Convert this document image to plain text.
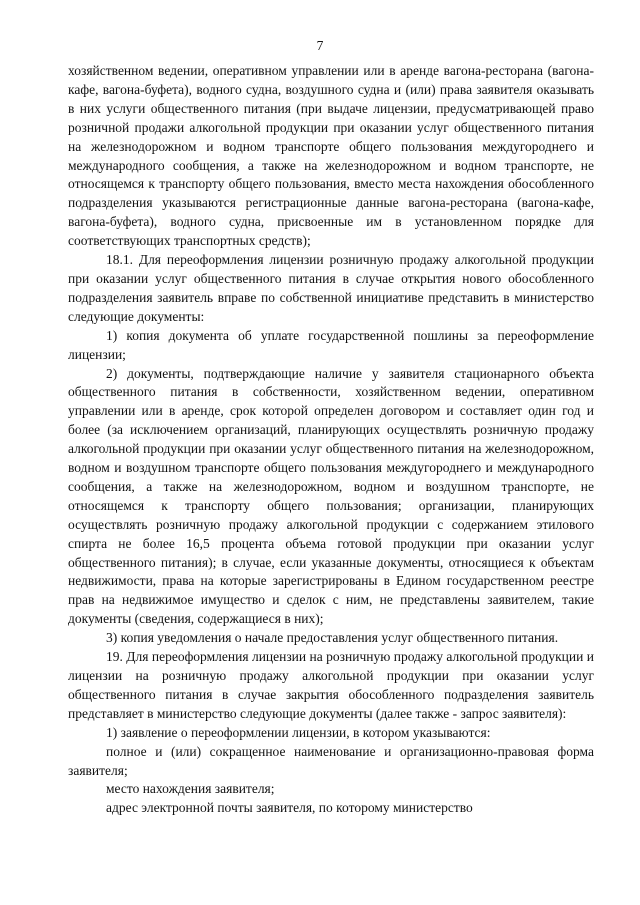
7

хозяйственном ведении, оперативном управлении или в аренде вагона-ресторана (вагона-кафе, вагона-буфета), водного судна, воздушного судна и (или) права заявителя оказывать в них услуги общественного питания (при выдаче лицензии, предусматривающей право розничной продажи алкогольной продукции при оказании услуг общественного питания на железнодорожном и водном транспорте общего пользования междугороднего и международного сообщения, а также на железнодорожном и водном транспорте, не относящемся к транспорту общего пользования, вместо места нахождения обособленного подразделения указываются регистрационные данные вагона-ресторана (вагона-кафе, вагона-буфета), водного судна, присвоенные им в установленном порядке для соответствующих транспортных средств);

18.1. Для переоформления лицензии розничную продажу алкогольной продукции при оказании услуг общественного питания в случае открытия нового обособленного подразделения заявитель вправе по собственной инициативе представить в министерство следующие документы:

1) копия документа об уплате государственной пошлины за переоформление лицензии;

2) документы, подтверждающие наличие у заявителя стационарного объекта общественного питания в собственности, хозяйственном ведении, оперативном управлении или в аренде, срок которой определен договором и составляет один год и более (за исключением организаций, планирующих осуществлять розничную продажу алкогольной продукции при оказании услуг общественного питания на железнодорожном, водном и воздушном транспорте общего пользования междугороднего и международного сообщения, а также на железнодорожном, водном и воздушном транспорте, не относящемся к транспорту общего пользования; организации, планирующих осуществлять розничную продажу алкогольной продукции с содержанием этилового спирта не более 16,5 процента объема готовой продукции при оказании услуг общественного питания); в случае, если указанные документы, относящиеся к объектам недвижимости, права на которые зарегистрированы в Едином государственном реестре прав на недвижимое имущество и сделок с ним, не представлены заявителем, такие документы (сведения, содержащиеся в них);

3) копия уведомления о начале предоставления услуг общественного питания.

19. Для переоформления лицензии на розничную продажу алкогольной продукции и лицензии на розничную продажу алкогольной продукции при оказании услуг общественного питания в случае закрытия обособленного подразделения заявитель представляет в министерство следующие документы (далее также - запрос заявителя):

1) заявление о переоформлении лицензии, в котором указываются:

полное и (или) сокращенное наименование и организационно-правовая форма заявителя;

место нахождения заявителя;

адрес электронной почты заявителя, по которому министерство
